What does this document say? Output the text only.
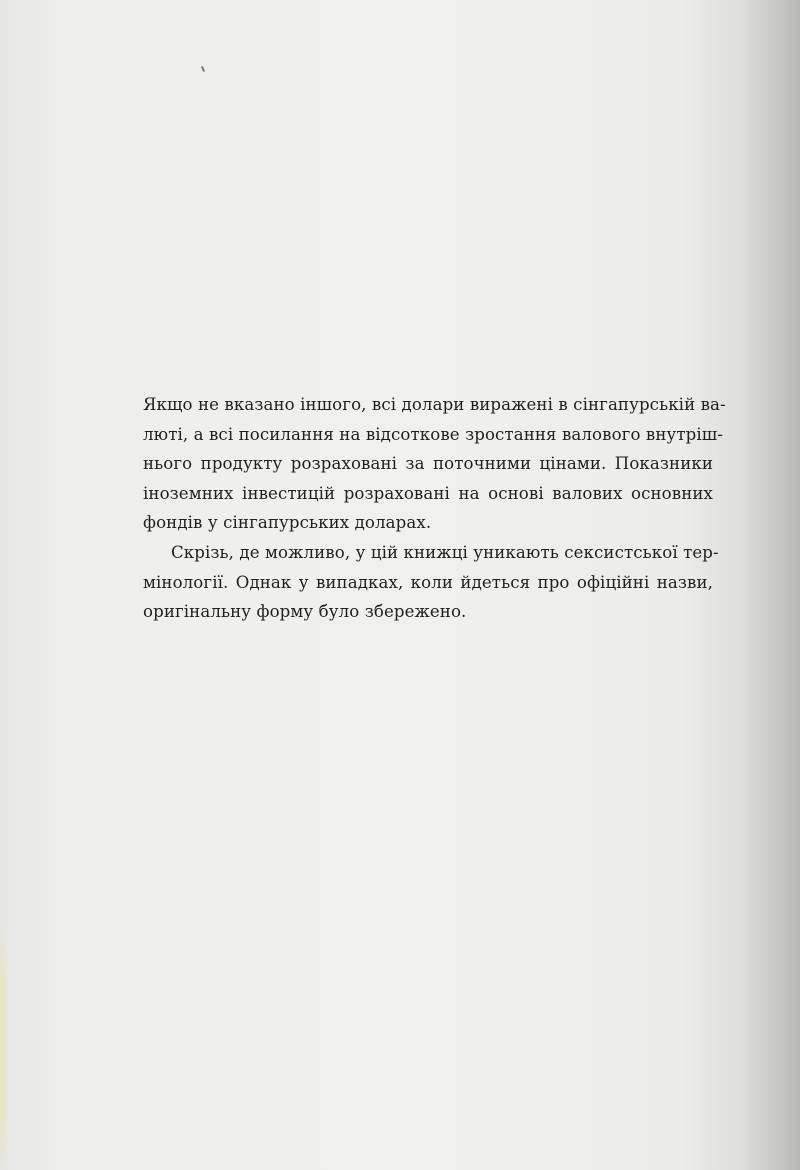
Якщо не вказано іншого, всі долари виражені в сінгапурській ва-
люті, а всі посилання на відсоткове зростання валового внутріш-
нього продукту розраховані за поточними цінами. Показники
іноземних інвестицій розраховані на основі валових основних
фондів у сінгапурських доларах.
Скрізь, де можливо, у цій книжці уникають сексистської тер-
мінології. Однак у випадках, коли йдеться про офіційні назви,
оригінальну форму було збережено.
